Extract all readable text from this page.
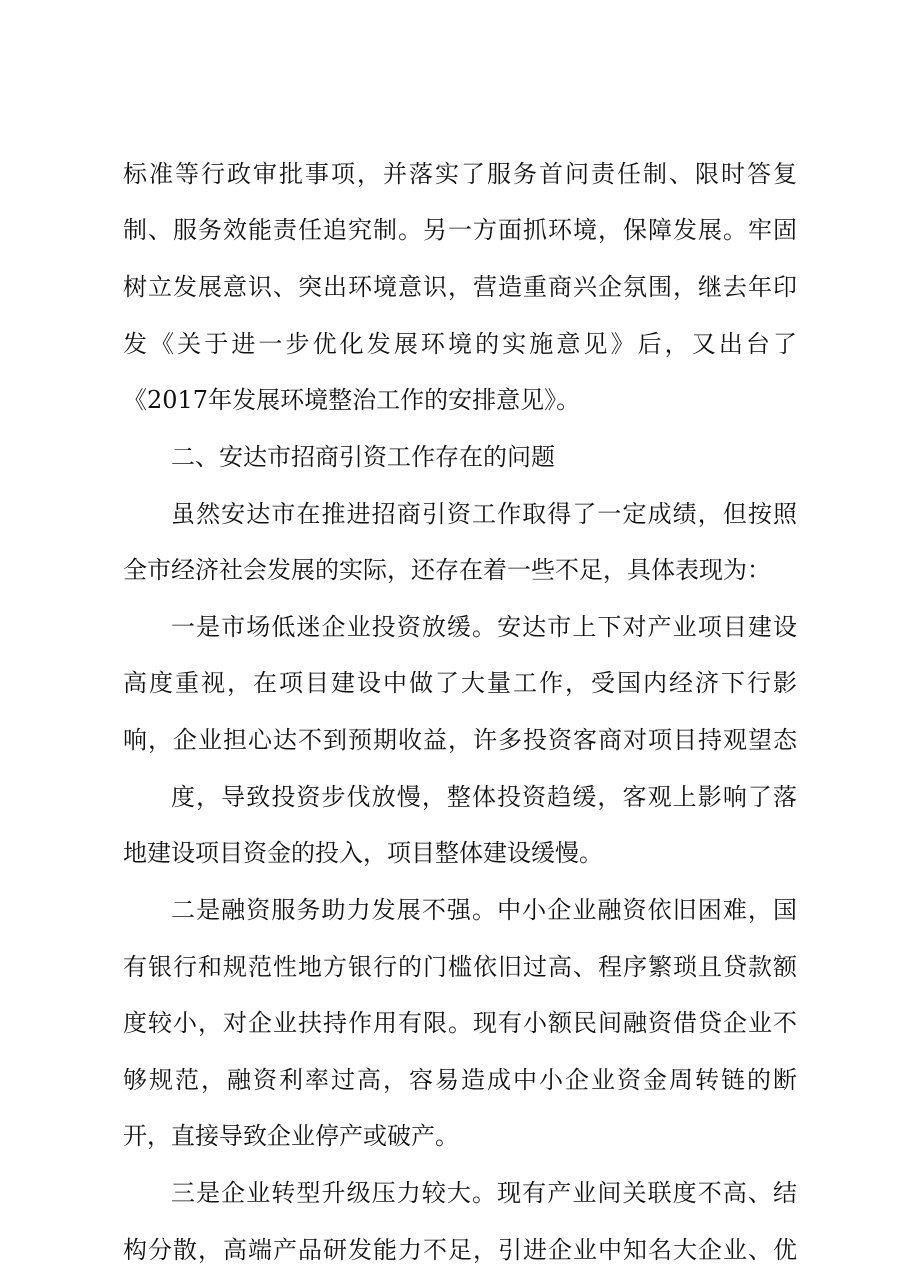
标准等行政审批事项，并落实了服务首问责任制、限时答复
制、服务效能责任追究制。另一方面抓环境，保障发展。牢固
树立发展意识、突出环境意识，营造重商兴企氛围，继去年印
发《关于进一步优化发展环境的实施意见》后，又出台了
《2017年发展环境整治工作的安排意见》。
二、安达市招商引资工作存在的问题
虽然安达市在推进招商引资工作取得了一定成绩，但按照
全市经济社会发展的实际，还存在着一些不足，具体表现为：
一是市场低迷企业投资放缓。安达市上下对产业项目建设
高度重视，在项目建设中做了大量工作，受国内经济下行影
响，企业担心达不到预期收益，许多投资客商对项目持观望态
度，导致投资步伐放慢，整体投资趋缓，客观上影响了落
地建设项目资金的投入，项目整体建设缓慢。
二是融资服务助力发展不强。中小企业融资依旧困难，国
有银行和规范性地方银行的门槛依旧过高、程序繁琐且贷款额
度较小，对企业扶持作用有限。现有小额民间融资借贷企业不
够规范，融资利率过高，容易造成中小企业资金周转链的断
开，直接导致企业停产或破产。
三是企业转型升级压力较大。现有产业间关联度不高、结
构分散，高端产品研发能力不足，引进企业中知名大企业、优
